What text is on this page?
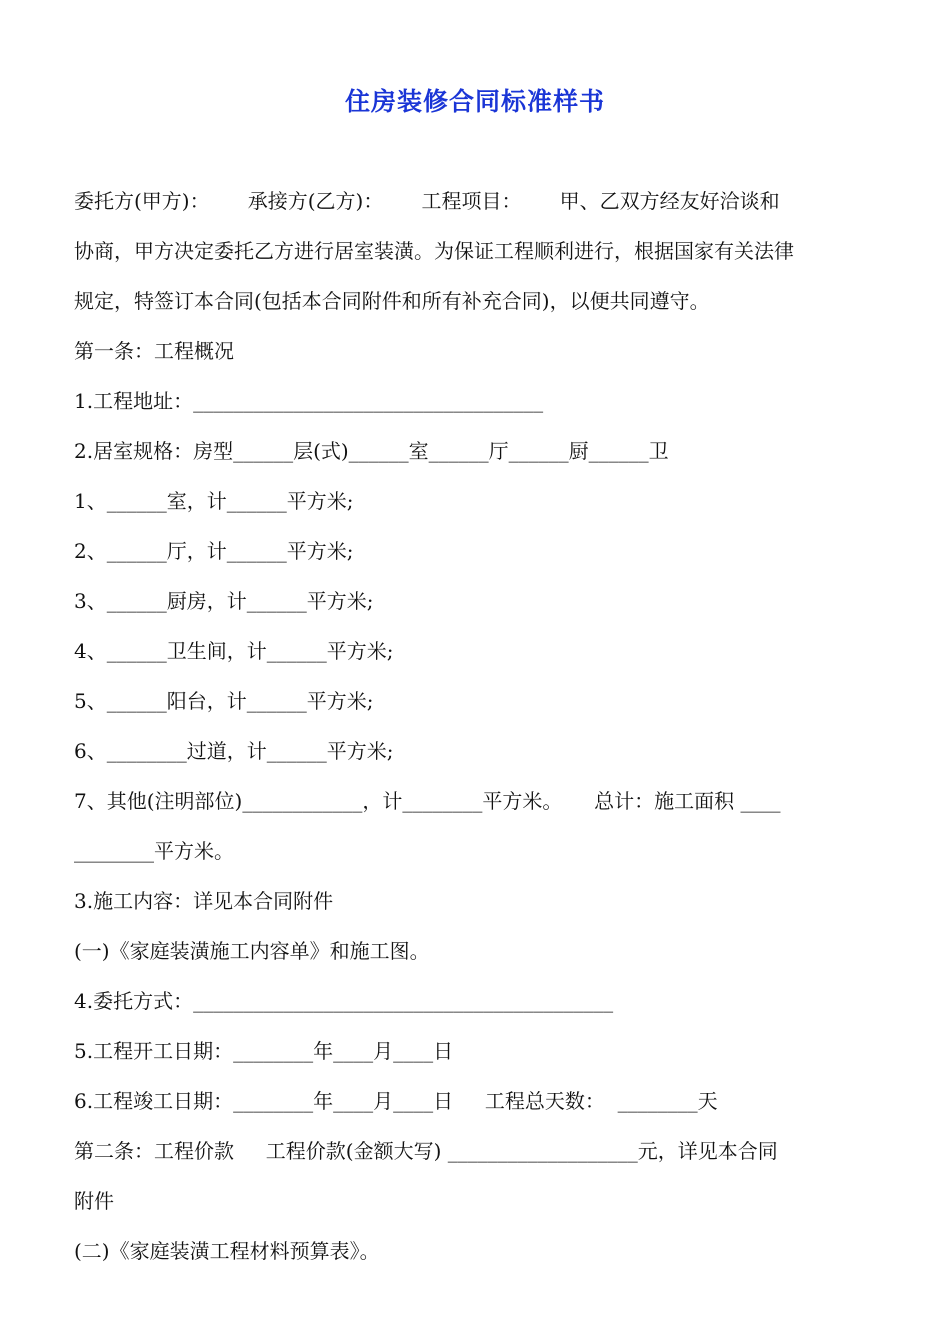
住房装修合同标准样书
委托方(甲方)：      承接方(乙方)：      工程项目：      甲、乙双方经友好洽谈和
协商，甲方决定委托乙方进行居室装潢。为保证工程顺利进行，根据国家有关法律
规定，特签订本合同(包括本合同附件和所有补充合同)，以便共同遵守。
第一条：工程概况
1.工程地址：___________________________________
2.居室规格：房型______层(式)______室______厅______厨______卫
1、______室，计______平方米;
2、______厅，计______平方米;
3、______厨房，计______平方米;
4、______卫生间，计______平方米;
5、______阳台，计______平方米;
6、________过道，计______平方米;
7、其他(注明部位)____________，计________平方米。     总计：施工面积 ____
________平方米。
3.施工内容：详见本合同附件
(一)《家庭装潢施工内容单》和施工图。
4.委托方式：__________________________________________
5.工程开工日期：________年____月____日
6.工程竣工日期：________年____月____日     工程总天数：  ________天
第二条：工程价款     工程价款(金额大写) ___________________元，详见本合同
附件
(二)《家庭装潢工程材料预算表》。
